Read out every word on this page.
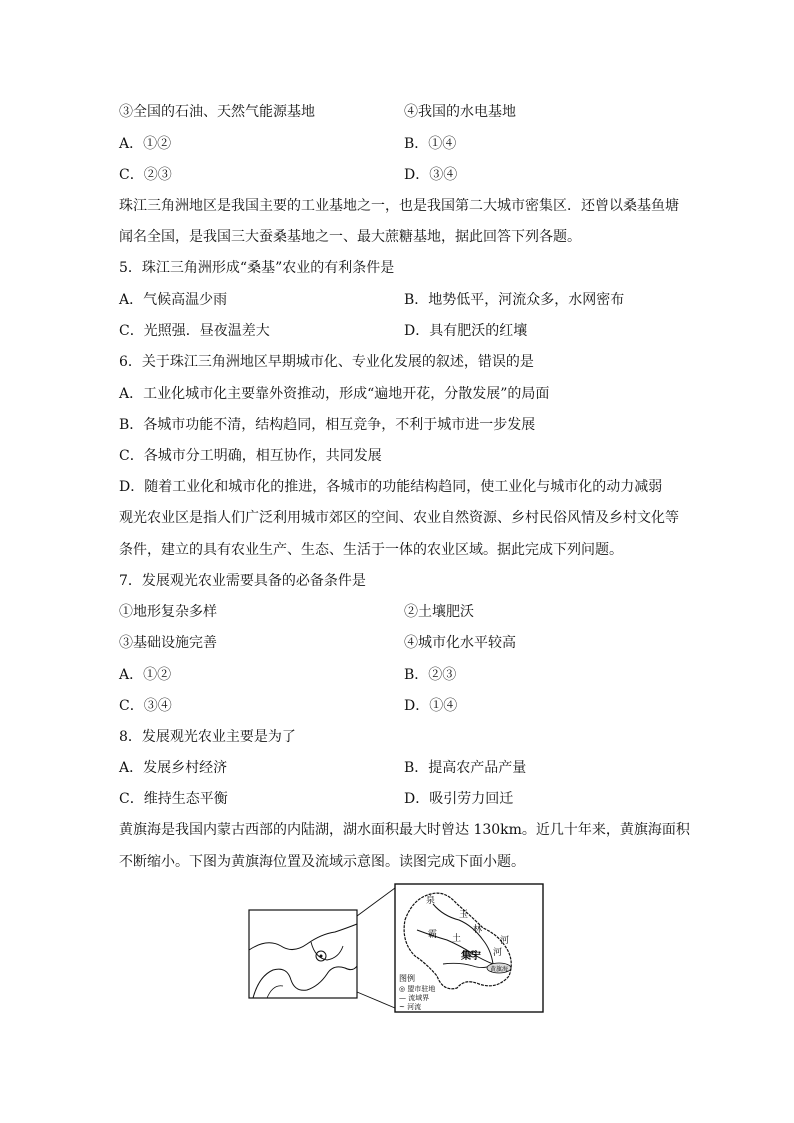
③全国的石油、天然气能源基地	④我国的水电基地
A．①②	B．①④
C．②③	D．③④
珠江三角洲地区是我国主要的工业基地之一，也是我国第二大城市密集区．还曾以桑基鱼塘
闻名全国，是我国三大蚕桑基地之一、最大蔗糖基地，据此回答下列各题。
5．珠江三角洲形成“桑基”农业的有利条件是
A．气候高温少雨	B．地势低平，河流众多，水网密布
C．光照强．昼夜温差大	D．具有肥沃的红壤
6．关于珠江三角洲地区早期城市化、专业化发展的叙述，错误的是
A．工业化城市化主要靠外资推动，形成“遍地开花，分散发展”的局面
B．各城市功能不清，结构趋同，相互竞争，不利于城市进一步发展
C．各城市分工明确，相互协作，共同发展
D．随着工业化和城市化的推进，各城市的功能结构趋同，使工业化与城市化的动力减弱
观光农业区是指人们广泛利用城市郊区的空间、农业自然资源、乡村民俗风情及乡村文化等
条件，建立的具有农业生产、生态、生活于一体的农业区域。据此完成下列问题。
7．发展观光农业需要具备的必备条件是
①地形复杂多样	②土壤肥沃
③基础设施完善	④城市化水平较高
A．①②	B．②③
C．③④	D．①④
8．发展观光农业主要是为了
A．发展乡村经济	B．提高农产品产量
C．维持生态平衡	D．吸引劳力回迁
黄旗海是我国内蒙古西部的内陆湖，湖水面积最大时曾达 130km。近几十年来，黄旗海面积
不断缩小。下图为黄旗海位置及流域示意图。读图完成下面小题。
泉
玉
林
霸 土	河
河
集宁
黄旗海
图例
◎ 盟市驻地
— 流域界
~ 河流
